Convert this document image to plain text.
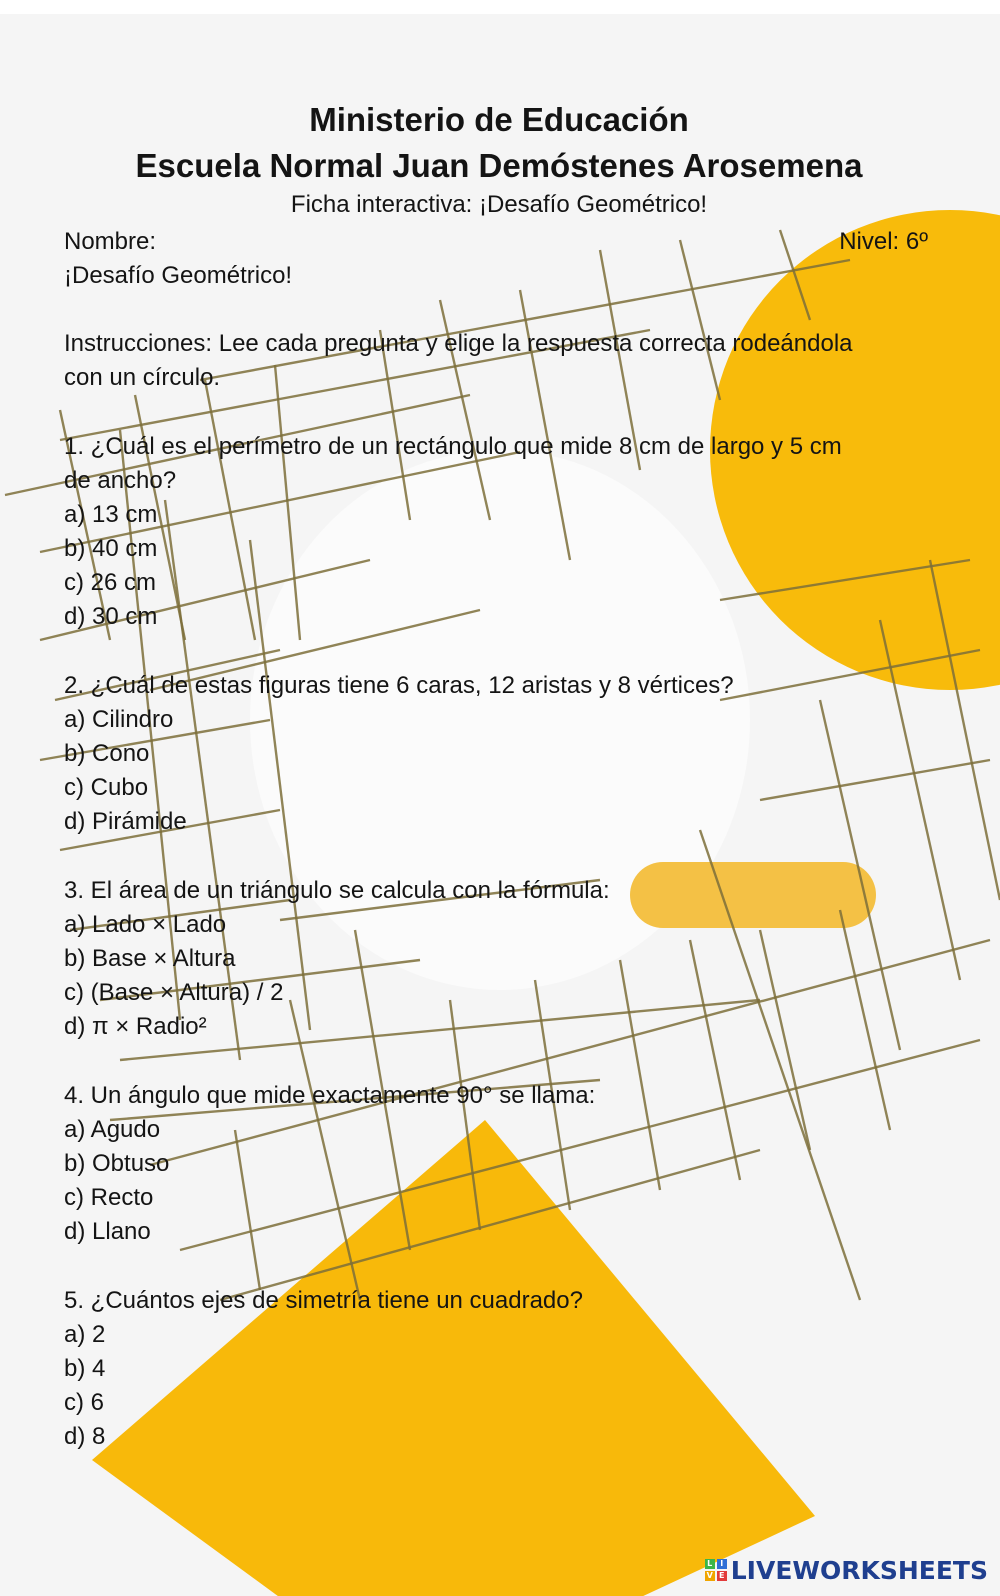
Ministerio de Educación
Escuela Normal Juan Demóstenes Arosemena
Ficha interactiva: ¡Desafío Geométrico!
Nombre:	Nivel: 6º
¡Desafío Geométrico!
Instrucciones: Lee cada pregunta y elige la respuesta correcta rodeándola
con un círculo.
1. ¿Cuál es el perímetro de un rectángulo que mide 8 cm de largo y 5 cm
de ancho?
a) 13 cm
b) 40 cm
c) 26 cm
d) 30 cm
2. ¿Cuál de estas figuras tiene 6 caras, 12 aristas y 8 vértices?
a) Cilindro
b) Cono
c) Cubo
d) Pirámide
3. El área de un triángulo se calcula con la fórmula:
a) Lado × Lado
b) Base × Altura
c) (Base × Altura) / 2
d) π × Radio²
4. Un ángulo que mide exactamente 90° se llama:
a) Agudo
b) Obtuso
c) Recto
d) Llano
5. ¿Cuántos ejes de simetría tiene un cuadrado?
a) 2
b) 4
c) 6
d) 8
L I
V E LIVEWORKSHEETS
